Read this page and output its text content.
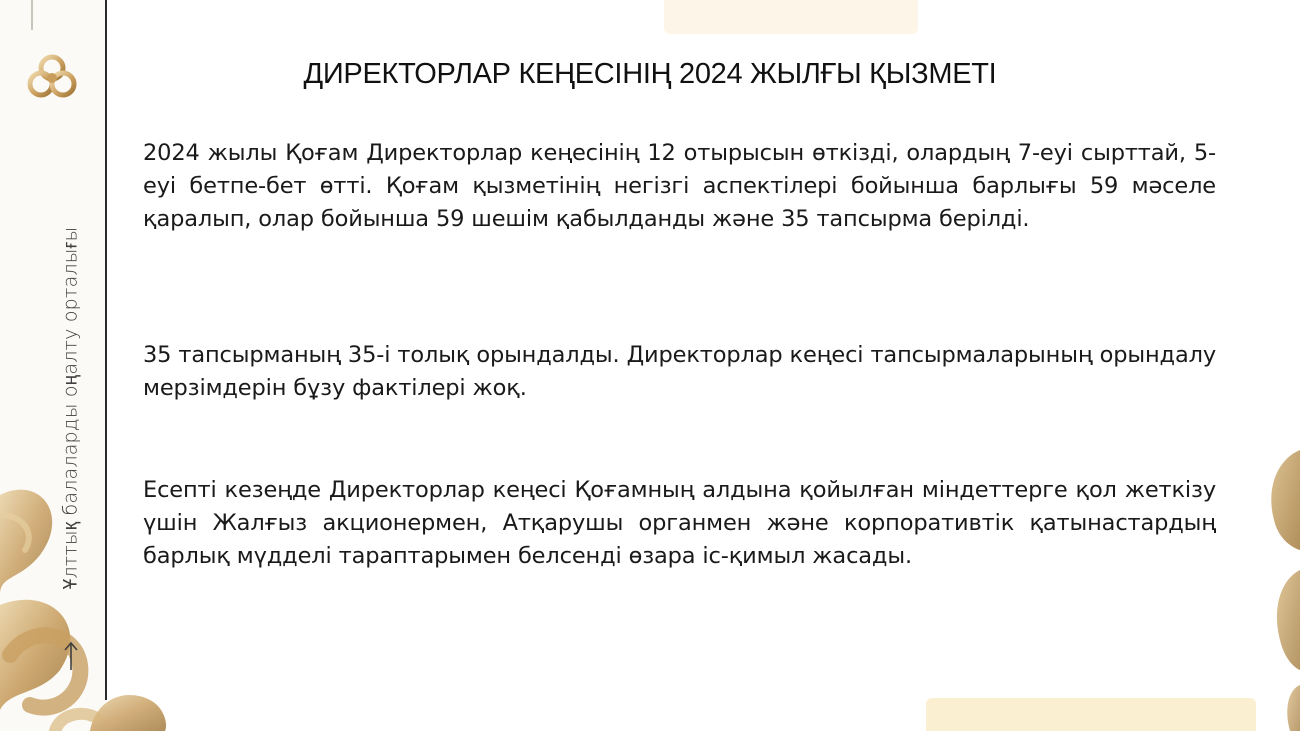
Ұлттық балаларды оңалту орталығы
ДИРЕКТОРЛАР КЕҢЕСІНІҢ 2024 ЖЫЛҒЫ ҚЫЗМЕТІ
2024 жылы Қоғам Директорлар кеңесінің 12 отырысын өткізді, олардың 7-еуі сырттай, 5-еуі бетпе-бет өтті. Қоғам қызметінің негізгі аспектілері бойынша барлығы 59 мәселе қаралып, олар бойынша 59 шешім қабылданды және 35 тапсырма берілді.
35 тапсырманың 35-і толық орындалды. Директорлар кеңесі тапсырмаларының орындалу мерзімдерін бұзу фактілері жоқ.
Есепті кезеңде Директорлар кеңесі Қоғамның алдына қойылған міндеттерге қол жеткізу үшін Жалғыз акционермен, Атқарушы органмен және корпоративтік қатынастардың барлық мүдделі тараптарымен белсенді өзара іс-қимыл жасады.
